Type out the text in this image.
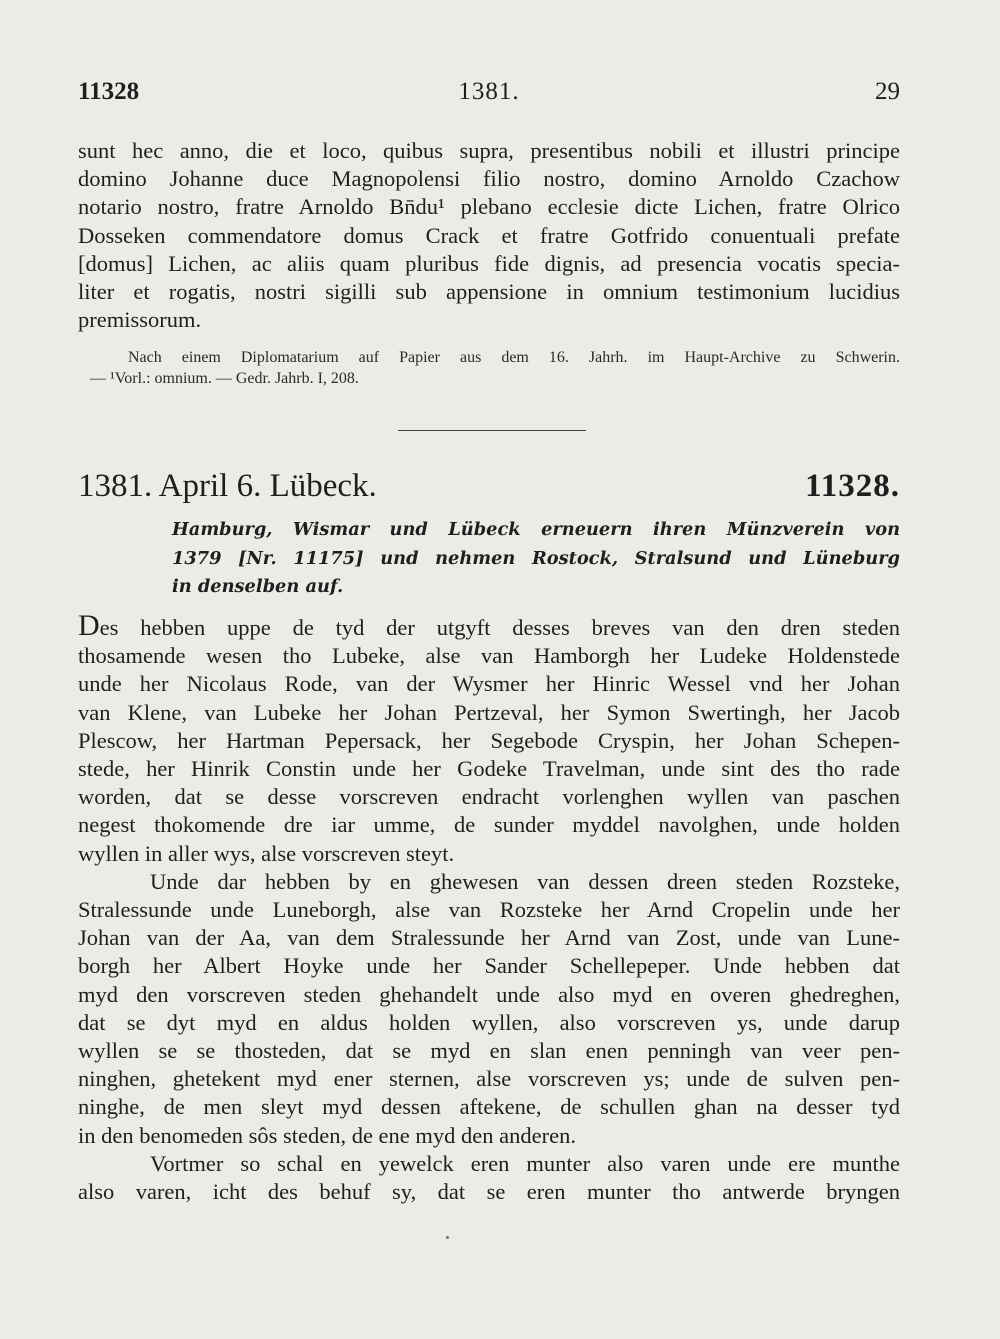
11328	1381.	29
sunt hec anno, die et loco, quibus supra, presentibus nobili et illustri principe
domino Johanne duce Magnopolensi filio nostro, domino Arnoldo Czachow
notario nostro, fratre Arnoldo Bn̄du¹ plebano ecclesie dicte Lichen, fratre Olrico
Dosseken commendatore domus Crack et fratre Gotfrido conuentuali prefate
[domus] Lichen, ac aliis quam pluribus fide dignis, ad presencia vocatis specia-
liter et rogatis, nostri sigilli sub appensione in omnium testimonium lucidius
premissorum.
Nach einem Diplomatarium auf Papier aus dem 16. Jahrh. im Haupt-Archive zu Schwerin.
— ¹Vorl.: omnium. — Gedr. Jahrb. I, 208.
1381. April 6. Lübeck.	11328.
Hamburg, Wismar und Lübeck erneuern ihren Münzverein von
1379 [Nr. 11175] und nehmen Rostock, Stralsund und Lüneburg
in denselben auf.
Des hebben uppe de tyd der utgyft desses breves van den dren steden
thosamende wesen tho Lubeke, alse van Hamborgh her Ludeke Holdenstede
unde her Nicolaus Rode, van der Wysmer her Hinric Wessel vnd her Johan
van Klene, van Lubeke her Johan Pertzeval, her Symon Swertingh, her Jacob
Plescow, her Hartman Pepersack, her Segebode Cryspin, her Johan Schepen-
stede, her Hinrik Constin unde her Godeke Travelman, unde sint des tho rade
worden, dat se desse vorscreven endracht vorlenghen wyllen van paschen
negest thokomende dre iar umme, de sunder myddel navolghen, unde holden
wyllen in aller wys, alse vorscreven steyt.
Unde dar hebben by en ghewesen van dessen dreen steden Rozsteke,
Stralessunde unde Luneborgh, alse van Rozsteke her Arnd Cropelin unde her
Johan van der Aa, van dem Stralessunde her Arnd van Zost, unde van Lune-
borgh her Albert Hoyke unde her Sander Schellepeper. Unde hebben dat
myd den vorscreven steden ghehandelt unde also myd en overen ghedreghen,
dat se dyt myd en aldus holden wyllen, also vorscreven ys, unde darup
wyllen se se thosteden, dat se myd en slan enen penningh van veer pen-
ninghen, ghetekent myd ener sternen, alse vorscreven ys; unde de sulven pen-
ninghe, de men sleyt myd dessen aftekene, de schullen ghan na desser tyd
in den benomeden sôs steden, de ene myd den anderen.
Vortmer so schal en yewelck eren munter also varen unde ere munthe
also varen, icht des behuf sy, dat se eren munter tho antwerde bryngen
